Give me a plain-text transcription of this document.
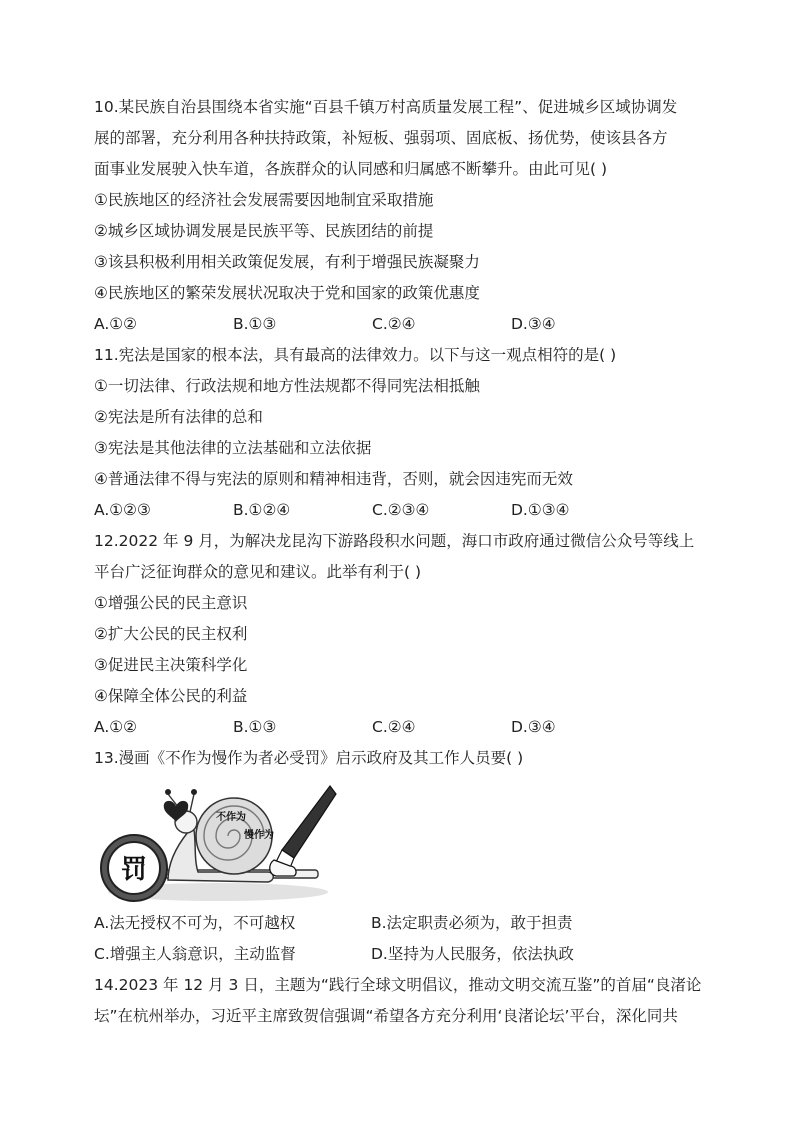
10.某民族自治县围绕本省实施“百县千镇万村高质量发展工程”、促进城乡区域协调发
展的部署，充分利用各种扶持政策，补短板、强弱项、固底板、扬优势，使该县各方
面事业发展驶入快车道，各族群众的认同感和归属感不断攀升。由此可见( )
①民族地区的经济社会发展需要因地制宜采取措施
②城乡区域协调发展是民族平等、民族团结的前提
③该县积极利用相关政策促发展，有利于增强民族凝聚力
④民族地区的繁荣发展状况取决于党和国家的政策优惠度
A.①②	B.①③	C.②④	D.③④
11.宪法是国家的根本法，具有最高的法律效力。以下与这一观点相符的是( )
①一切法律、行政法规和地方性法规都不得同宪法相抵触
②宪法是所有法律的总和
③宪法是其他法律的立法基础和立法依据
④普通法律不得与宪法的原则和精神相违背，否则，就会因违宪而无效
A.①②③	B.①②④	C.②③④	D.①③④
12.2022 年 9 月，为解决龙昆沟下游路段积水问题，海口市政府通过微信公众号等线上
平台广泛征询群众的意见和建议。此举有利于( )
①增强公民的民主意识
②扩大公民的民主权利
③促进民主决策科学化
④保障全体公民的利益
A.①②	B.①③	C.②④	D.③④
13.漫画《不作为慢作为者必受罚》启示政府及其工作人员要( )
罚
不作为
慢作为
A.法无授权不可为，不可越权	B.法定职责必须为，敢于担责
C.增强主人翁意识，主动监督	D.坚持为人民服务，依法执政
14.2023 年 12 月 3 日，主题为“践行全球文明倡议，推动文明交流互鉴”的首届“良渚论
坛”在杭州举办，习近平主席致贺信强调“希望各方充分利用‘良渚论坛’平台，深化同共
